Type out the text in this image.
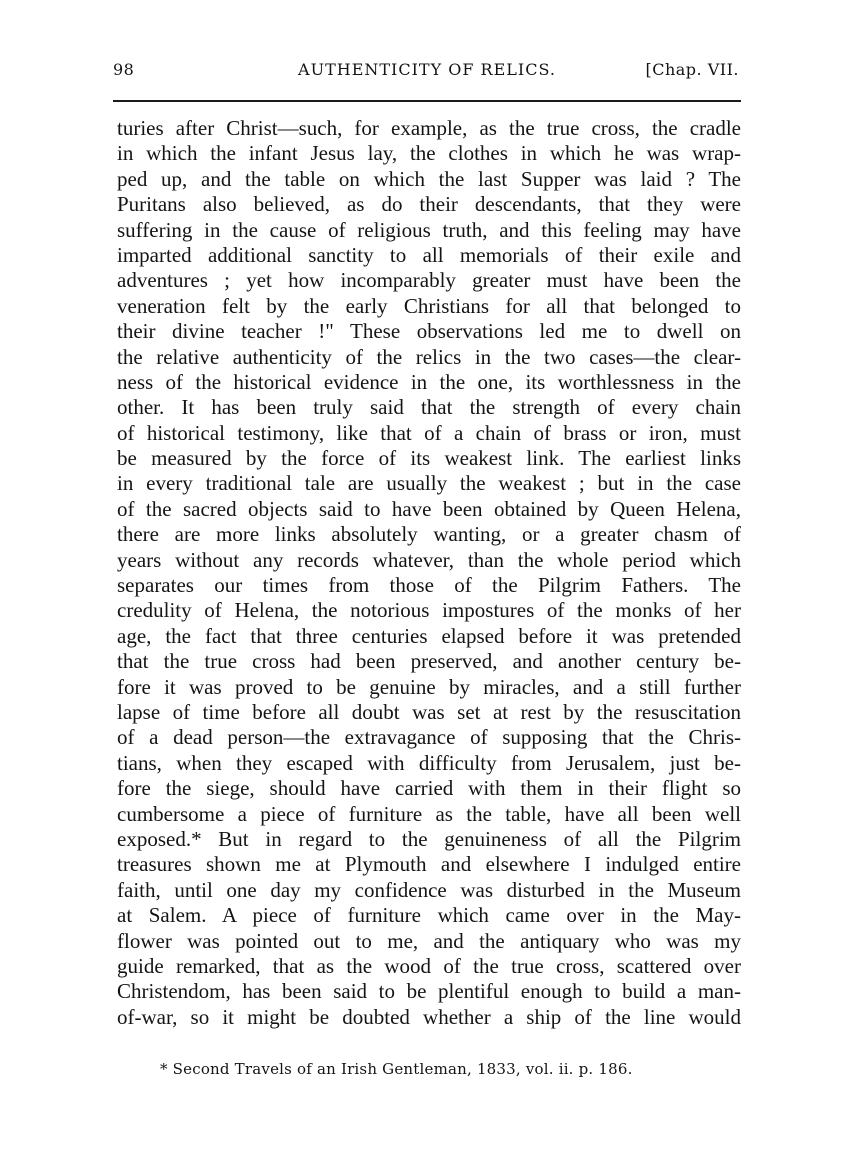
98	AUTHENTICITY OF RELICS.	[Chap. VII.
turies after Christ—such, for example, as the true cross, the cradle
in which the infant Jesus lay, the clothes in which he was wrap-
ped up, and the table on which the last Supper was laid ? The
Puritans also believed, as do their descendants, that they were
suffering in the cause of religious truth, and this feeling may have
imparted additional sanctity to all memorials of their exile and
adventures ; yet how incomparably greater must have been the
veneration felt by the early Christians for all that belonged to
their divine teacher !" These observations led me to dwell on
the relative authenticity of the relics in the two cases—the clear-
ness of the historical evidence in the one, its worthlessness in the
other. It has been truly said that the strength of every chain
of historical testimony, like that of a chain of brass or iron, must
be measured by the force of its weakest link. The earliest links
in every traditional tale are usually the weakest ; but in the case
of the sacred objects said to have been obtained by Queen Helena,
there are more links absolutely wanting, or a greater chasm of
years without any records whatever, than the whole period which
separates our times from those of the Pilgrim Fathers. The
credulity of Helena, the notorious impostures of the monks of her
age, the fact that three centuries elapsed before it was pretended
that the true cross had been preserved, and another century be-
fore it was proved to be genuine by miracles, and a still further
lapse of time before all doubt was set at rest by the resuscitation
of a dead person—the extravagance of supposing that the Chris-
tians, when they escaped with difficulty from Jerusalem, just be-
fore the siege, should have carried with them in their flight so
cumbersome a piece of furniture as the table, have all been well
exposed.* But in regard to the genuineness of all the Pilgrim
treasures shown me at Plymouth and elsewhere I indulged entire
faith, until one day my confidence was disturbed in the Museum
at Salem. A piece of furniture which came over in the May-
flower was pointed out to me, and the antiquary who was my
guide remarked, that as the wood of the true cross, scattered over
Christendom, has been said to be plentiful enough to build a man-
of-war, so it might be doubted whether a ship of the line would
* Second Travels of an Irish Gentleman, 1833, vol. ii. p. 186.
